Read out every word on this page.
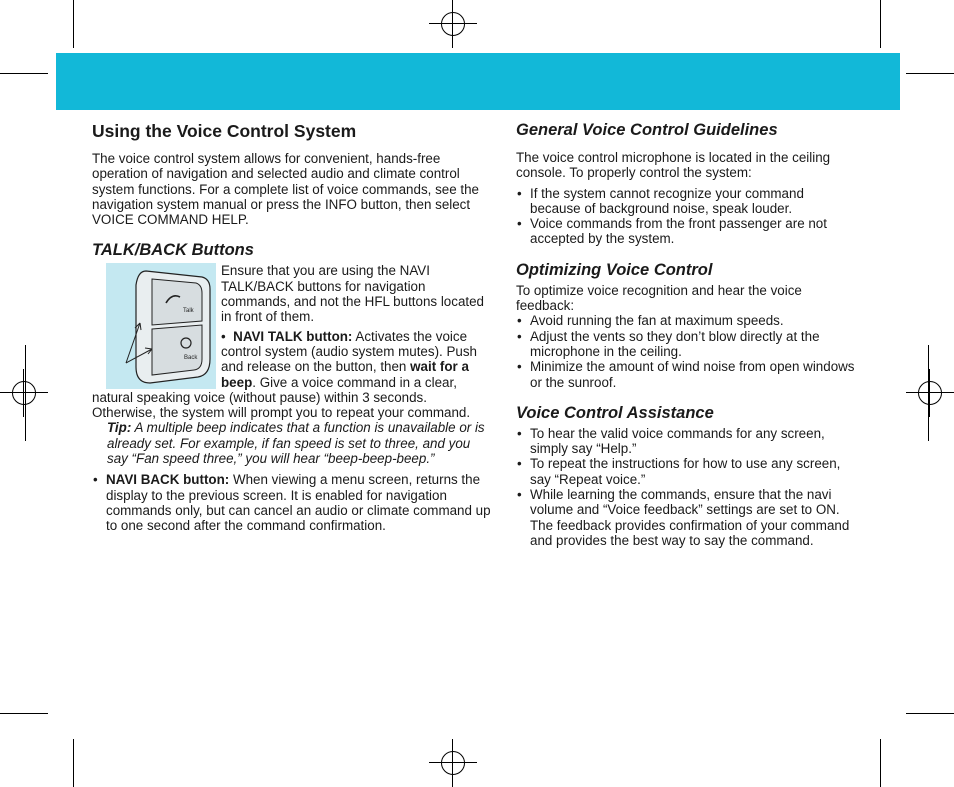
Using the Voice Control System

The voice control system allows for convenient, hands-free operation of navigation and selected audio and climate control system functions. For a complete list of voice commands, see the navigation system manual or press the INFO button, then select VOICE COMMAND HELP.

TALK/BACK Buttons
Talk
Back

Ensure that you are using the NAVI TALK/BACK buttons for navigation commands, and not the HFL buttons located in front of them.

• NAVI TALK button: Activates the voice control system (audio system mutes). Push and release on the button, then wait for a beep. Give a voice command in a clear, natural speaking voice (without pause) within 3 seconds. Otherwise, the system will prompt you to repeat your command.

Tip: A multiple beep indicates that a function is unavailable or is already set. For example, if fan speed is set to three, and you say “Fan speed three,” you will hear “beep-beep-beep.”

• NAVI BACK button: When viewing a menu screen, returns the display to the previous screen. It is enabled for navigation commands only, but can cancel an audio or climate command up to one second after the command confirmation.
General Voice Control Guidelines

The voice control microphone is located in the ceiling console. To properly control the system:

• If the system cannot recognize your command because of background noise, speak louder.
• Voice commands from the front passenger are not accepted by the system.
Optimizing Voice Control

To optimize voice recognition and hear the voice feedback:

• Avoid running the fan at maximum speeds.
• Adjust the vents so they don’t blow directly at the microphone in the ceiling.
• Minimize the amount of wind noise from open windows or the sunroof.
Voice Control Assistance
• To hear the valid voice commands for any screen, simply say “Help.”
• To repeat the instructions for how to use any screen, say “Repeat voice.”
• While learning the commands, ensure that the navi volume and “Voice feedback” settings are set to ON. The feedback provides confirmation of your command and provides the best way to say the command.
